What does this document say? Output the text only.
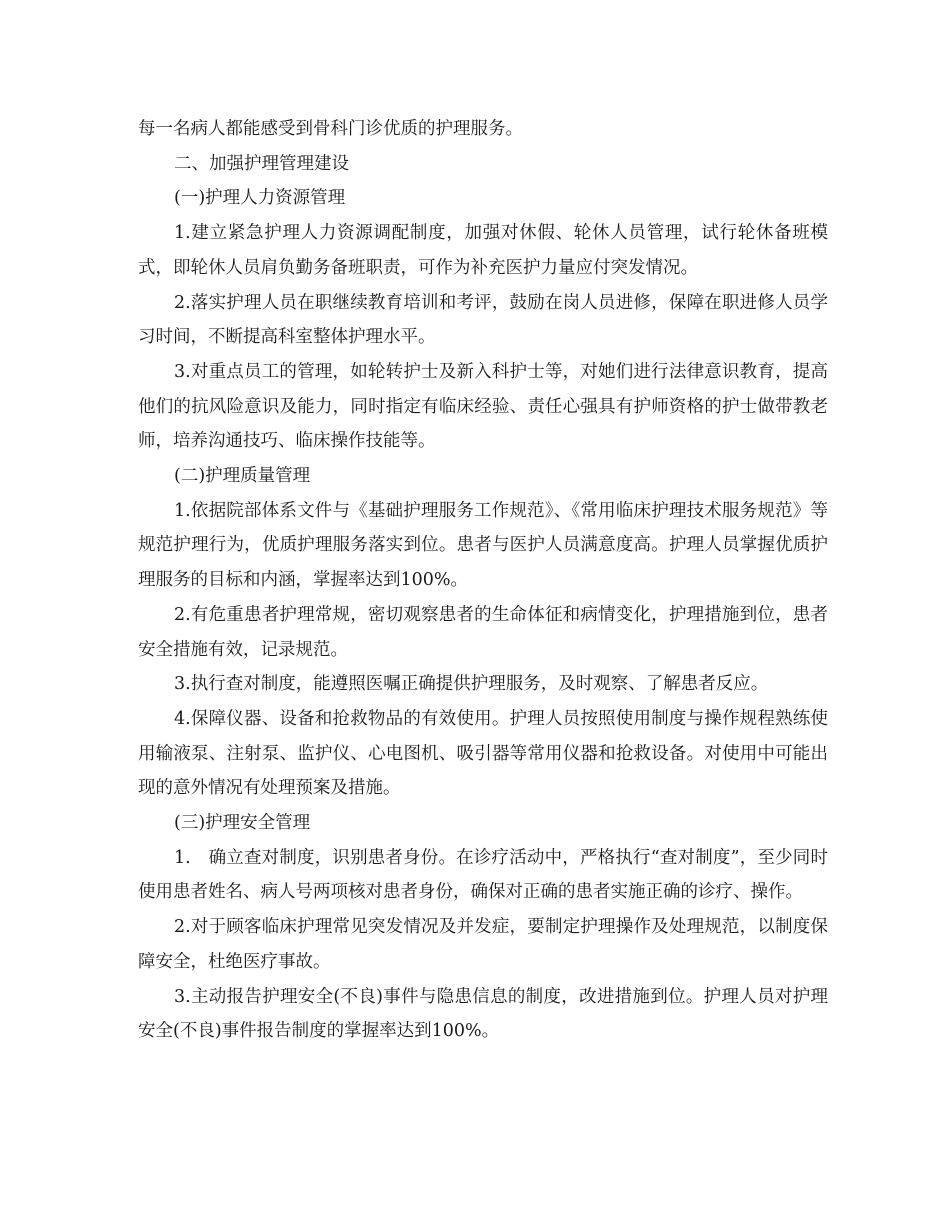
每一名病人都能感受到骨科门诊优质的护理服务。

二、加强护理管理建设

(一)护理人力资源管理

1.建立紧急护理人力资源调配制度，加强对休假、轮休人员管理，试行轮休备班模式，即轮休人员肩负勤务备班职责，可作为补充医护力量应付突发情况。

2.落实护理人员在职继续教育培训和考评，鼓励在岗人员进修，保障在职进修人员学习时间，不断提高科室整体护理水平。

3.对重点员工的管理，如轮转护士及新入科护士等，对她们进行法律意识教育，提高他们的抗风险意识及能力，同时指定有临床经验、责任心强具有护师资格的护士做带教老师，培养沟通技巧、临床操作技能等。

(二)护理质量管理

1.依据院部体系文件与《基础护理服务工作规范》、《常用临床护理技术服务规范》等规范护理行为，优质护理服务落实到位。患者与医护人员满意度高。护理人员掌握优质护理服务的目标和内涵，掌握率达到100%。

2.有危重患者护理常规，密切观察患者的生命体征和病情变化，护理措施到位，患者安全措施有效，记录规范。

3.执行查对制度，能遵照医嘱正确提供护理服务，及时观察、了解患者反应。

4.保障仪器、设备和抢救物品的有效使用。护理人员按照使用制度与操作规程熟练使用输液泵、注射泵、监护仪、心电图机、吸引器等常用仪器和抢救设备。对使用中可能出现的意外情况有处理预案及措施。

(三)护理安全管理

1.　确立查对制度，识别患者身份。在诊疗活动中，严格执行“查对制度”，至少同时使用患者姓名、病人号两项核对患者身份，确保对正确的患者实施正确的诊疗、操作。

2.对于顾客临床护理常见突发情况及并发症，要制定护理操作及处理规范，以制度保障安全，杜绝医疗事故。

3.主动报告护理安全(不良)事件与隐患信息的制度，改进措施到位。护理人员对护理安全(不良)事件报告制度的掌握率达到100%。
